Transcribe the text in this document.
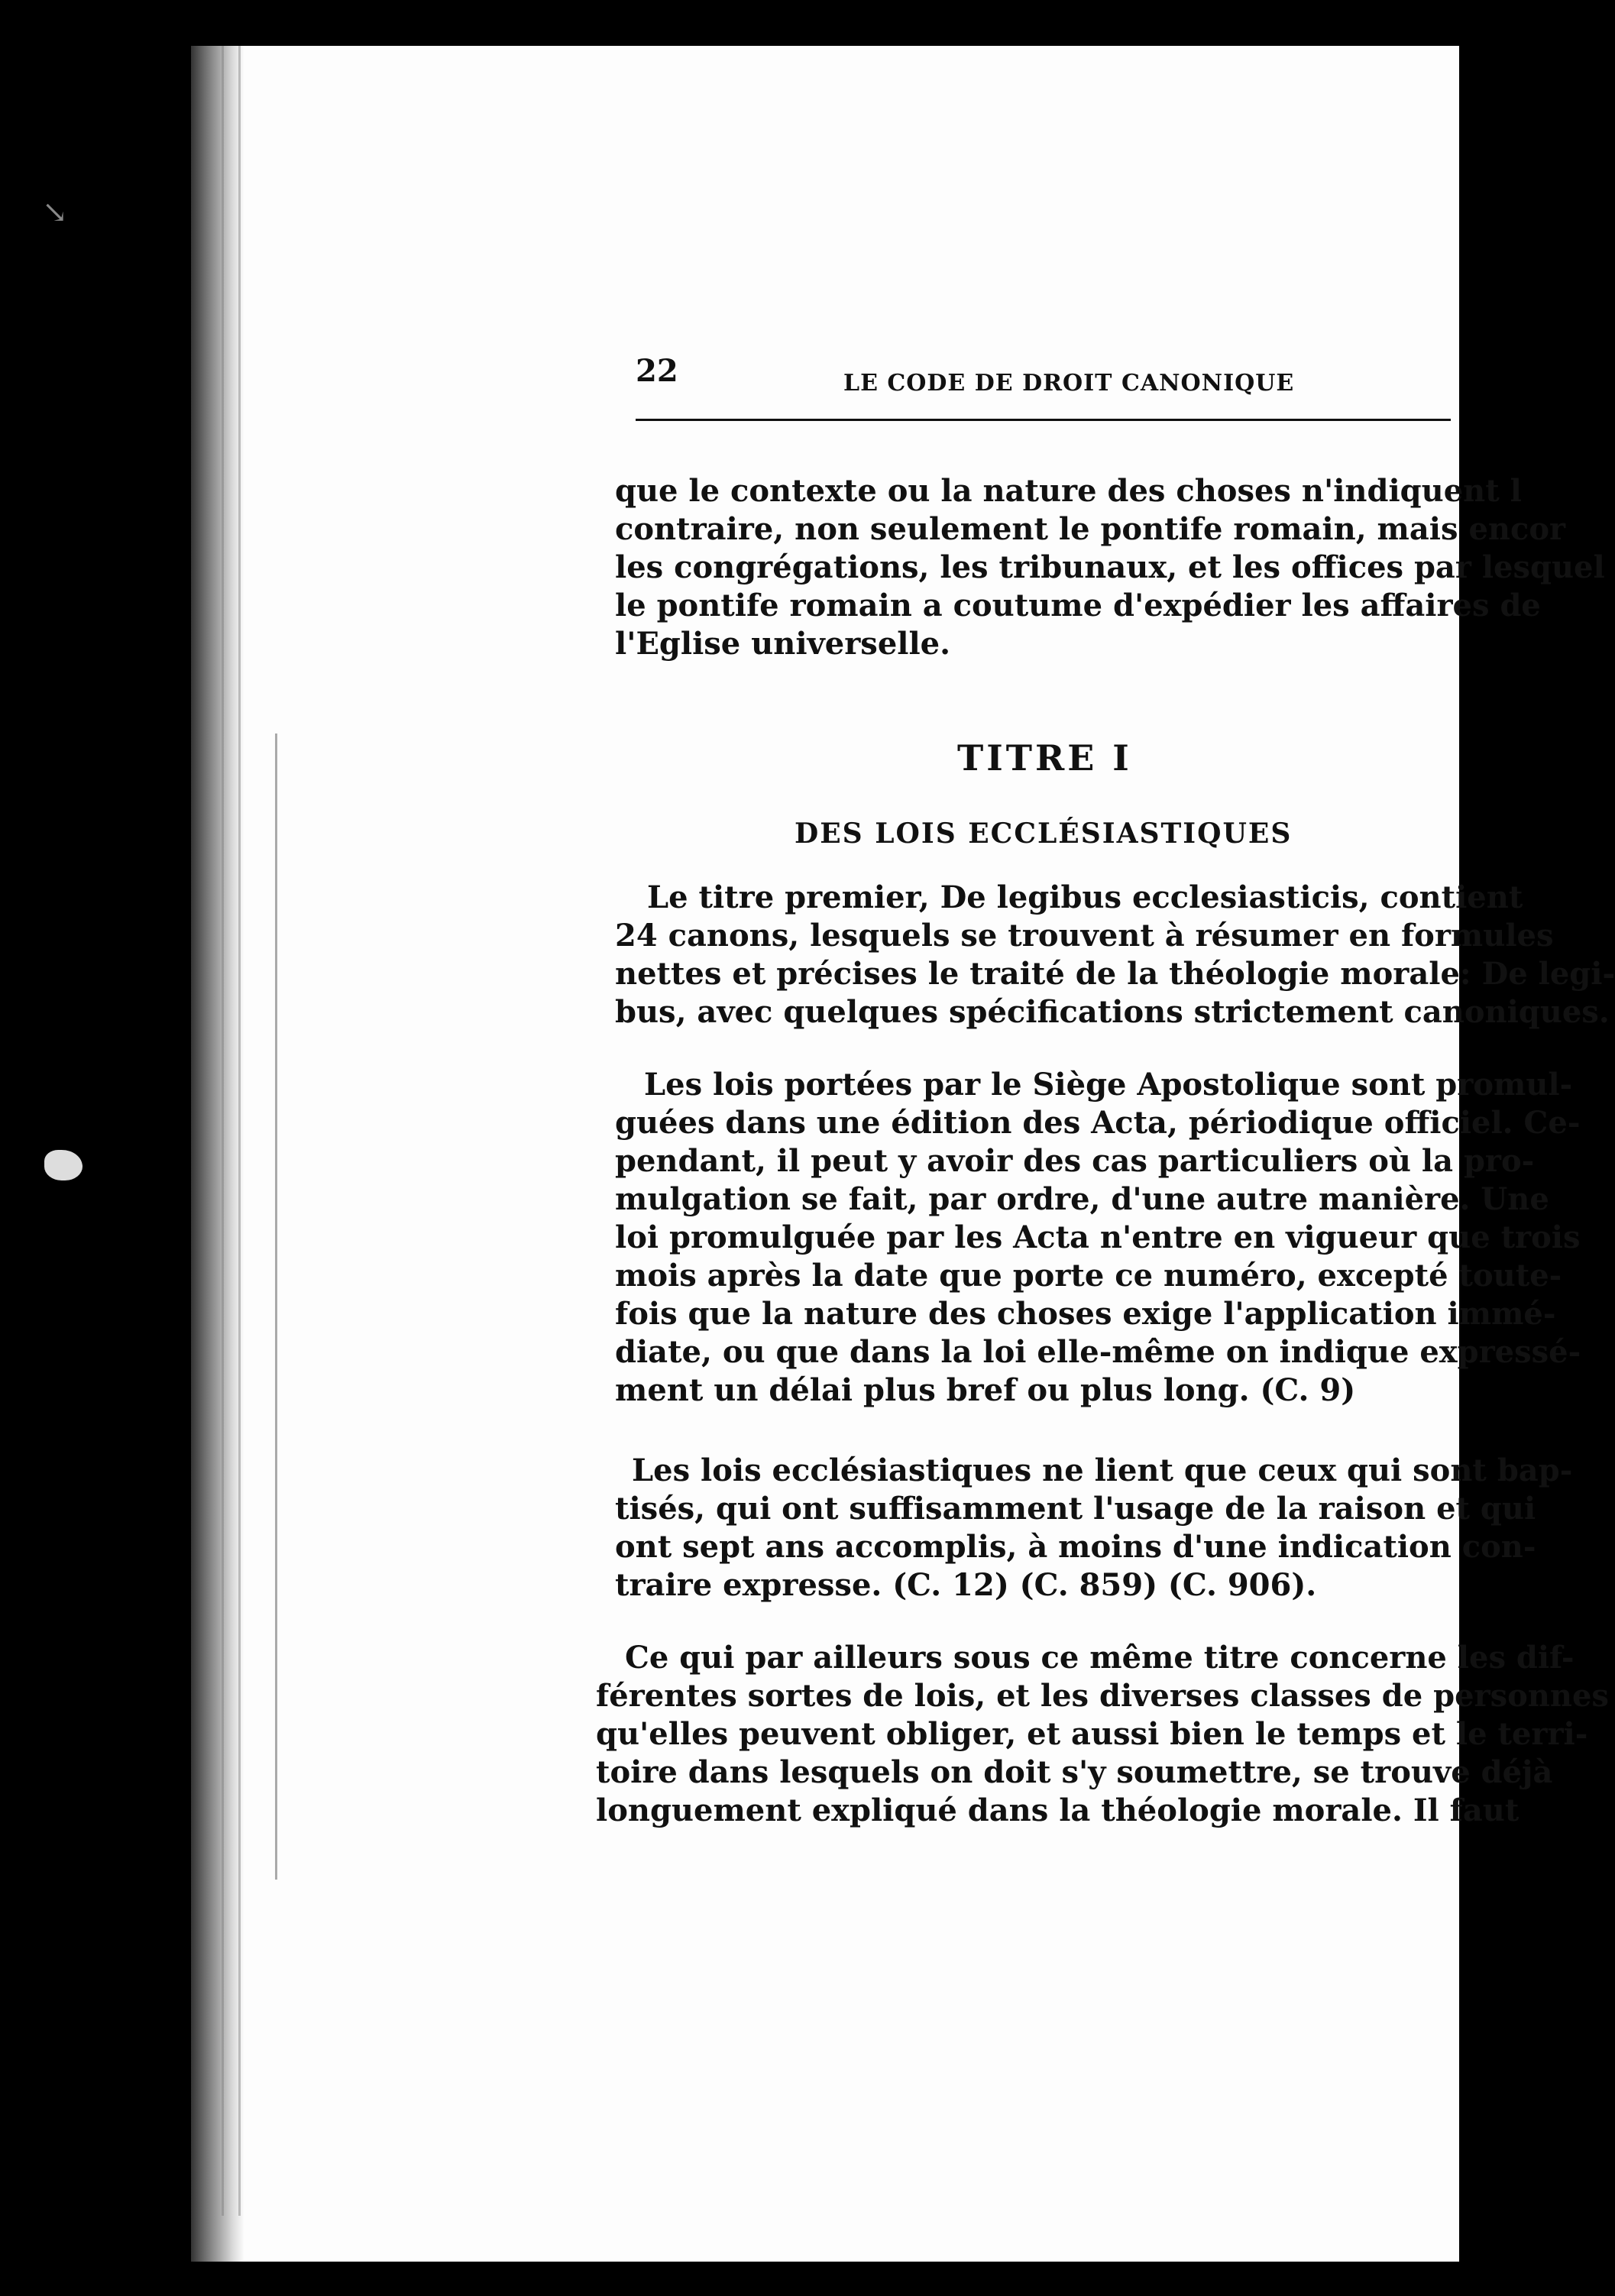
↘
22	LE CODE DE DROIT CANONIQUE
que le contexte ou la nature des choses n'indiquent l
contraire, non seulement le pontife romain, mais encor
les congrégations, les tribunaux, et les offices par lesquel
le pontife romain a coutume d'expédier les affaires de
l'Eglise universelle.
TITRE I
DES LOIS ECCLÉSIASTIQUES
Le titre premier, De legibus ecclesiasticis, contient
24 canons, lesquels se trouvent à résumer en formules
nettes et précises le traité de la théologie morale: De legi-
bus, avec quelques spécifications strictement canoniques.
Les lois portées par le Siège Apostolique sont promul-
guées dans une édition des Acta, périodique officiel. Ce-
pendant, il peut y avoir des cas particuliers où la pro-
mulgation se fait, par ordre, d'une autre manière. Une
loi promulguée par les Acta n'entre en vigueur que trois
mois après la date que porte ce numéro, excepté toute-
fois que la nature des choses exige l'application immé-
diate, ou que dans la loi elle-même on indique expressé-
ment un délai plus bref ou plus long. (C. 9)
Les lois ecclésiastiques ne lient que ceux qui sont bap-
tisés, qui ont suffisamment l'usage de la raison et qui
ont sept ans accomplis, à moins d'une indication con-
traire expresse. (C. 12) (C. 859) (C. 906).
Ce qui par ailleurs sous ce même titre concerne les dif-
férentes sortes de lois, et les diverses classes de personnes
qu'elles peuvent obliger, et aussi bien le temps et le terri-
toire dans lesquels on doit s'y soumettre, se trouve déjà
longuement expliqué dans la théologie morale. Il faut
